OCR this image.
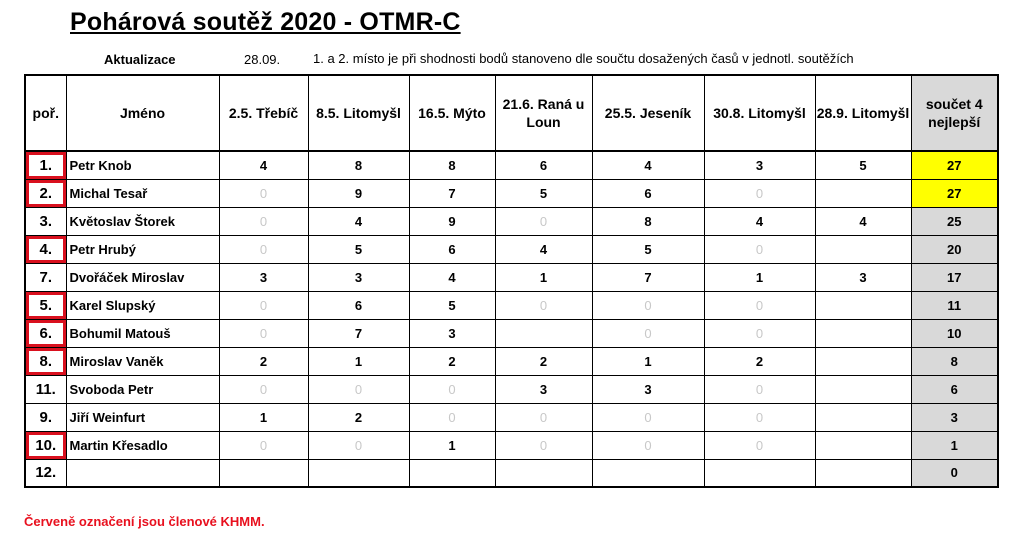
Pohárová soutěž 2020 - OTMR-C
Aktualizace	28.09.	1. a 2. místo je při shodnosti bodů stanoveno dle součtu dosažených časů v jednotl. soutěžích
poř.	Jméno	2.5. Třebíč	8.5. Litomyšl	16.5. Mýto	21.6. Raná u Loun	25.5. Jeseník	30.8. Litomyšl	28.9. Litomyšl	součet 4 nejlepší

1.	Petr Knob	4	8	8	6	4	3	5	27

2.	Michal Tesař	0	9	7	5	6	0		27
3.	Květoslav Štorek	0	4	9	0	8	4	4	25

4.	Petr Hrubý	0	5	6	4	5	0		20
7.	Dvořáček Miroslav	3	3	4	1	7	1	3	17

5.	Karel Slupský	0	6	5	0	0	0		11

6.	Bohumil Matouš	0	7	3		0	0		10

8.	Miroslav Vaněk	2	1	2	2	1	2		8
11.	Svoboda Petr	0	0	0	3	3	0		6
9.	Jiří Weinfurt	1	2	0	0	0	0		3

10.	Martin Křesadlo	0	0	1	0	0	0		1
12.									0
Červeně označení jsou členové KHMM.
